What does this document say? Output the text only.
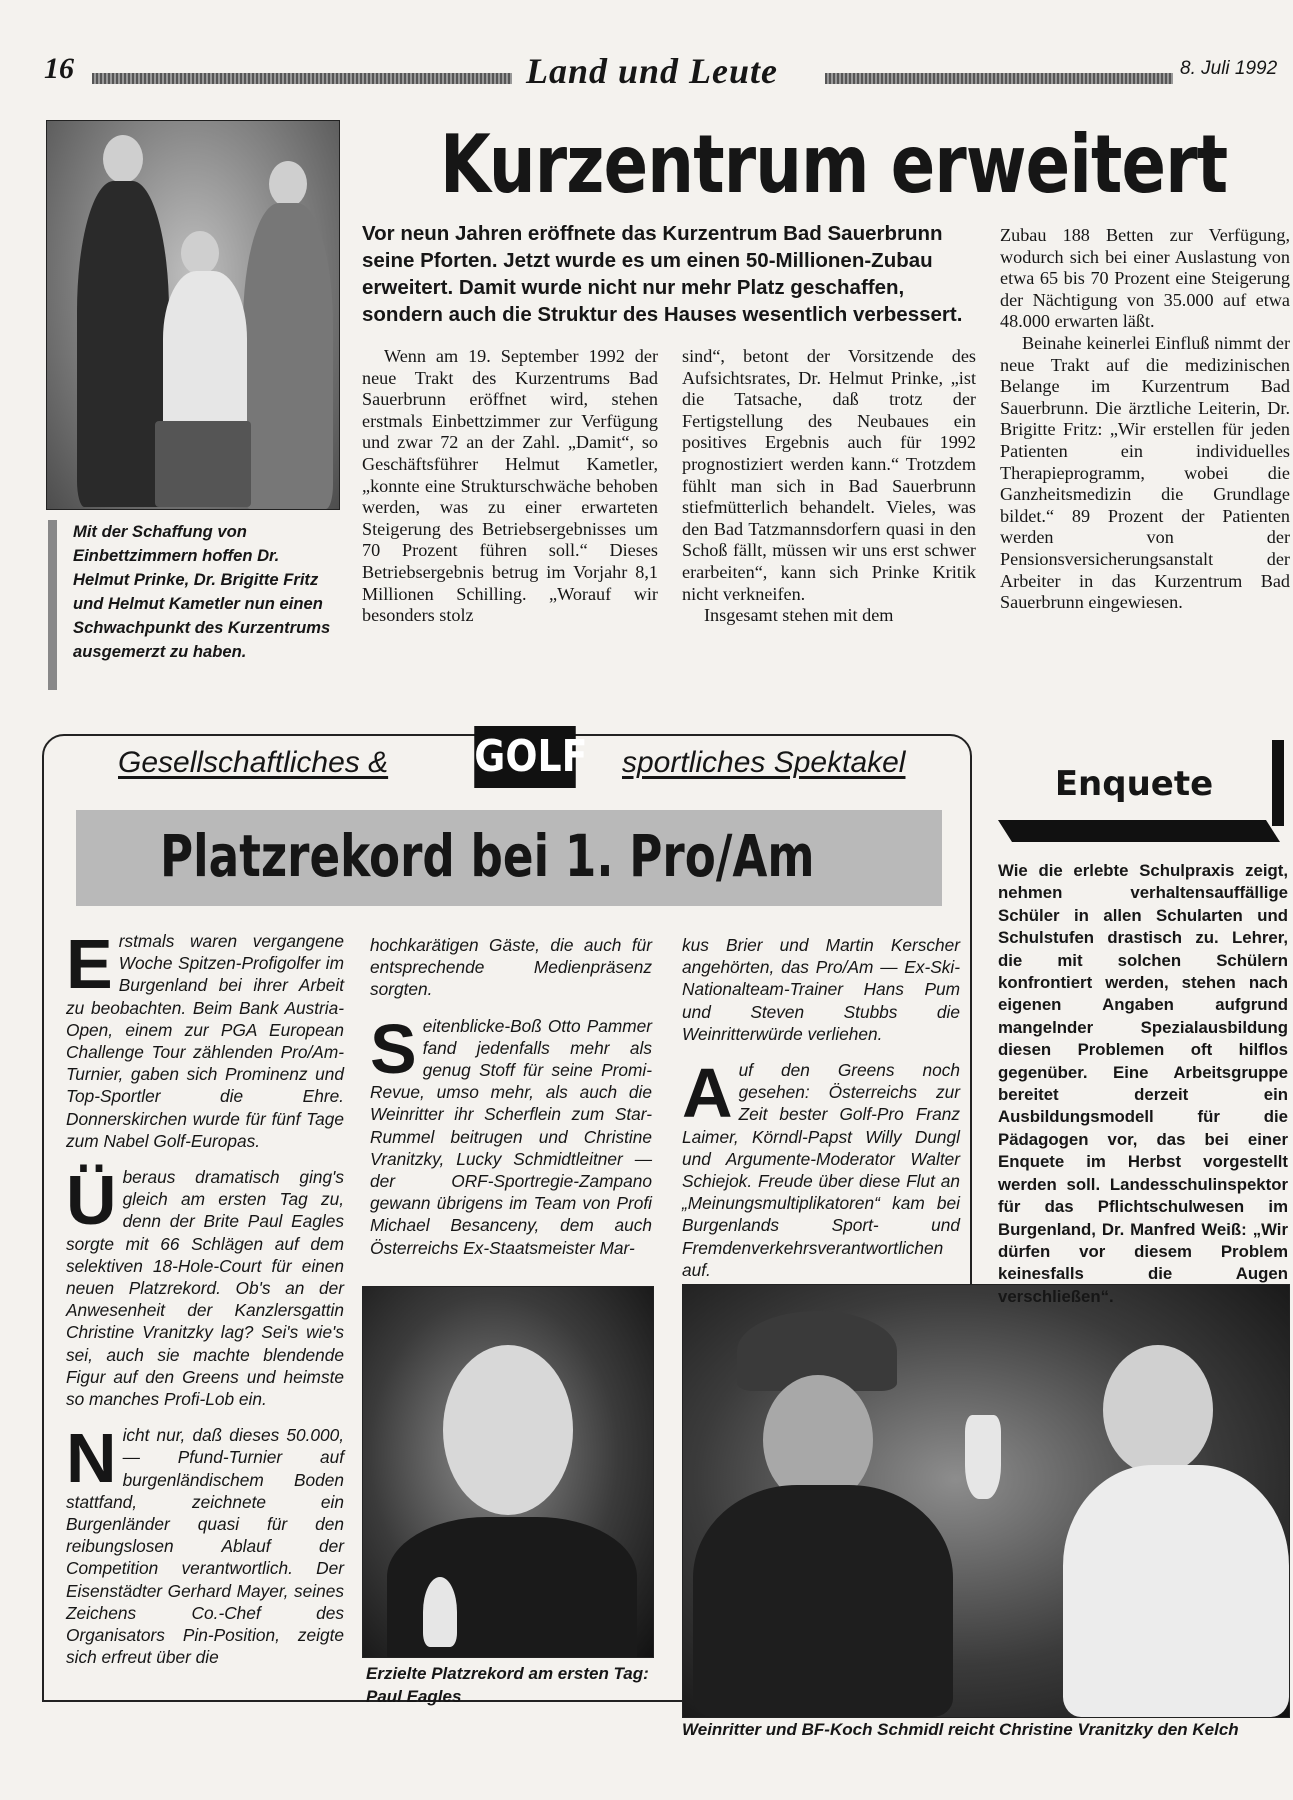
16	Land und Leute	8. Juli 1992
Mit der Schaffung von Einbettzimmern hoffen Dr. Helmut Prinke, Dr. Brigitte Fritz und Helmut Kametler nun einen Schwachpunkt des Kurzentrums ausgemerzt zu haben.
Kurzentrum erweitert
Vor neun Jahren eröffnete das Kurzentrum Bad Sauerbrunn seine Pforten. Jetzt wurde es um einen 50-Millionen-Zubau erweitert. Damit wurde nicht nur mehr Platz geschaffen, sondern auch die Struktur des Hauses wesentlich verbessert.

Wenn am 19. September 1992 der neue Trakt des Kurzentrums Bad Sauerbrunn eröffnet wird, stehen erstmals Einbettzimmer zur Verfügung und zwar 72 an der Zahl. „Damit“, so Geschäftsführer Helmut Kametler, „konnte eine Strukturschwäche behoben werden, was zu einer erwarteten Steigerung des Betriebsergebnisses um 70 Prozent führen soll.“ Dieses Betriebsergebnis betrug im Vorjahr 8,1 Millionen Schilling. „Worauf wir besonders stolz

sind“, betont der Vorsitzende des Aufsichtsrates, Dr. Helmut Prinke, „ist die Tatsache, daß trotz der Fertigstellung des Neubaues ein positives Ergebnis auch für 1992 prognostiziert werden kann.“ Trotzdem fühlt man sich in Bad Sauerbrunn stiefmütterlich behandelt. Vieles, was den Bad Tatzmannsdorfern quasi in den Schoß fällt, müssen wir uns erst schwer erarbeiten“, kann sich Prinke Kritik nicht verkneifen.

Insgesamt stehen mit dem

Zubau 188 Betten zur Verfügung, wodurch sich bei einer Auslastung von etwa 65 bis 70 Prozent eine Steigerung der Nächtigung von 35.000 auf etwa 48.000 erwarten läßt.

Beinahe keinerlei Einfluß nimmt der neue Trakt auf die medizinischen Belange im Kurzentrum Bad Sauerbrunn. Die ärztliche Leiterin, Dr. Brigitte Fritz: „Wir erstellen für jeden Patienten ein individuelles Therapieprogramm, wobei die Ganzheitsmedizin die Grundlage bildet.“ 89 Prozent der Patienten werden von der Pensionsversicherungsanstalt der Arbeiter in das Kurzentrum Bad Sauerbrunn eingewiesen.

Gesellschaftliches & GOLF sportliches Spektakel
Platzrekord bei 1. Pro/Am

Erstmals waren vergangene Woche Spitzen-Profigolfer im Burgenland bei ihrer Arbeit zu beobachten. Beim Bank Austria-Open, einem zur PGA European Challenge Tour zählenden Pro/Am-Turnier, gaben sich Prominenz und Top-Sportler die Ehre. Donnerskirchen wurde für fünf Tage zum Nabel Golf-Europas.

Überaus dramatisch ging's gleich am ersten Tag zu, denn der Brite Paul Eagles sorgte mit 66 Schlägen auf dem selektiven 18-Hole-Court für einen neuen Platzrekord. Ob's an der Anwesenheit der Kanzlersgattin Christine Vranitzky lag? Sei's wie's sei, auch sie machte blendende Figur auf den Greens und heimste so manches Profi-Lob ein.

Nicht nur, daß dieses 50.000,— Pfund-Turnier auf burgenländischem Boden stattfand, zeichnete ein Burgenländer quasi für den reibungslosen Ablauf der Competition verantwortlich. Der Eisenstädter Gerhard Mayer, seines Zeichens Co.-Chef des Organisators Pin-Position, zeigte sich erfreut über die

hochkarätigen Gäste, die auch für entsprechende Medienpräsenz sorgten.

Seitenblicke-Boß Otto Pammer fand jedenfalls mehr als genug Stoff für seine Promi-Revue, umso mehr, als auch die Weinritter ihr Scherflein zum Star-Rummel beitrugen und Christine Vranitzky, Lucky Schmidtleitner — der ORF-Sportregie-Zampano gewann übrigens im Team von Profi Michael Besanceny, dem auch Österreichs Ex-Staatsmeister Mar-

kus Brier und Martin Kerscher angehörten, das Pro/Am — Ex-Ski-Nationalteam-Trainer Hans Pum und Steven Stubbs die Weinritterwürde verliehen.

Auf den Greens noch gesehen: Österreichs zur Zeit bester Golf-Pro Franz Laimer, Körndl-Papst Willy Dungl und Argumente-Moderator Walter Schiejok. Freude über diese Flut an „Meinungsmultiplikatoren“ kam bei Burgenlands Sport- und Fremdenverkehrsverantwortlichen auf.

Erzielte Platzrekord am ersten Tag: Paul Eagles
Weinritter und BF-Koch Schmidl reicht Christine Vranitzky den Kelch
Enquete
Wie die erlebte Schulpraxis zeigt, nehmen verhaltensauffällige Schüler in allen Schularten und Schulstufen drastisch zu. Lehrer, die mit solchen Schülern konfrontiert werden, stehen nach eigenen Angaben aufgrund mangelnder Spezialausbildung diesen Problemen oft hilflos gegenüber. Eine Arbeitsgruppe bereitet derzeit ein Ausbildungsmodell für die Pädagogen vor, das bei einer Enquete im Herbst vorgestellt werden soll. Landesschulinspektor für das Pflichtschulwesen im Burgenland, Dr. Manfred Weiß: „Wir dürfen vor diesem Problem keinesfalls die Augen verschließen“.
